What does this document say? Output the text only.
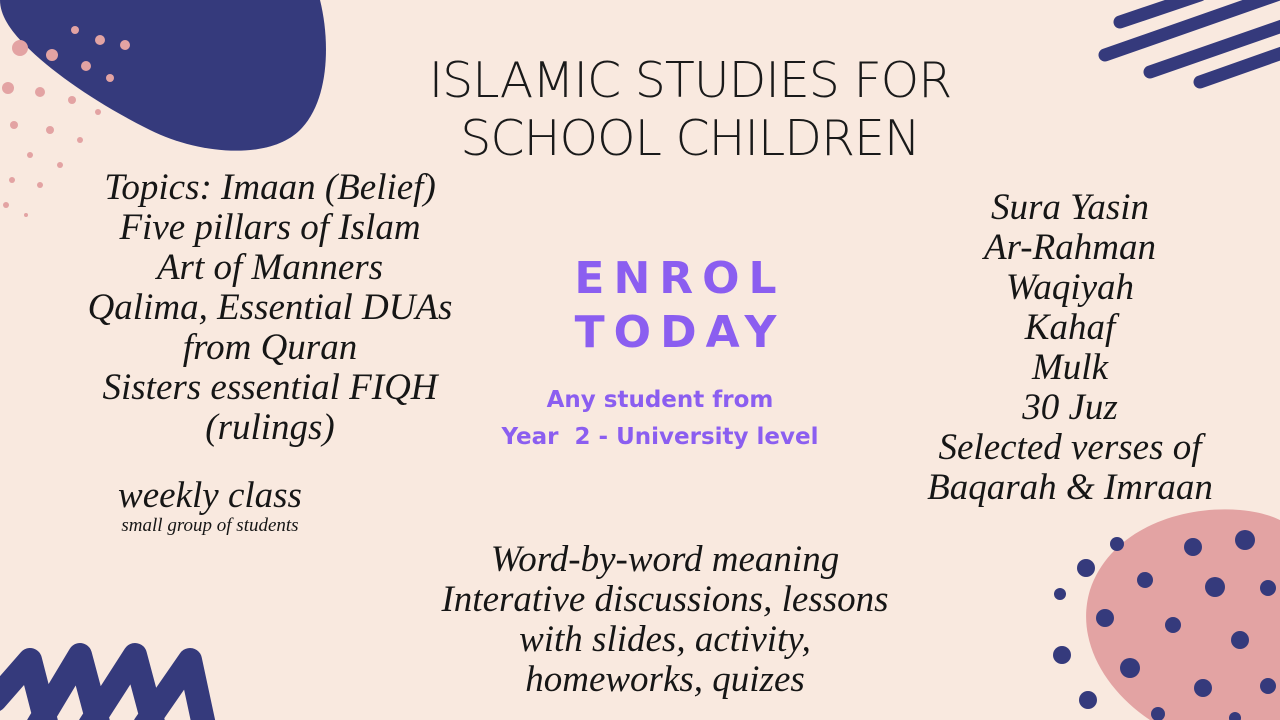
ISLAMIC STUDIES FOR
SCHOOL CHILDREN
Topics: Imaan (Belief)
Five pillars of Islam
Art of Manners
Qalima, Essential DUAs
from Quran
Sisters essential FIQH
(rulings)
weekly class
small group of students
ENROL
TODAY
Any student from
Year  2 - University level
Sura Yasin
Ar-Rahman
Waqiyah
Kahaf
Mulk
30 Juz
Selected verses of
Baqarah & Imraan
Word-by-word meaning
Interative discussions, lessons
with slides, activity,
homeworks, quizes
